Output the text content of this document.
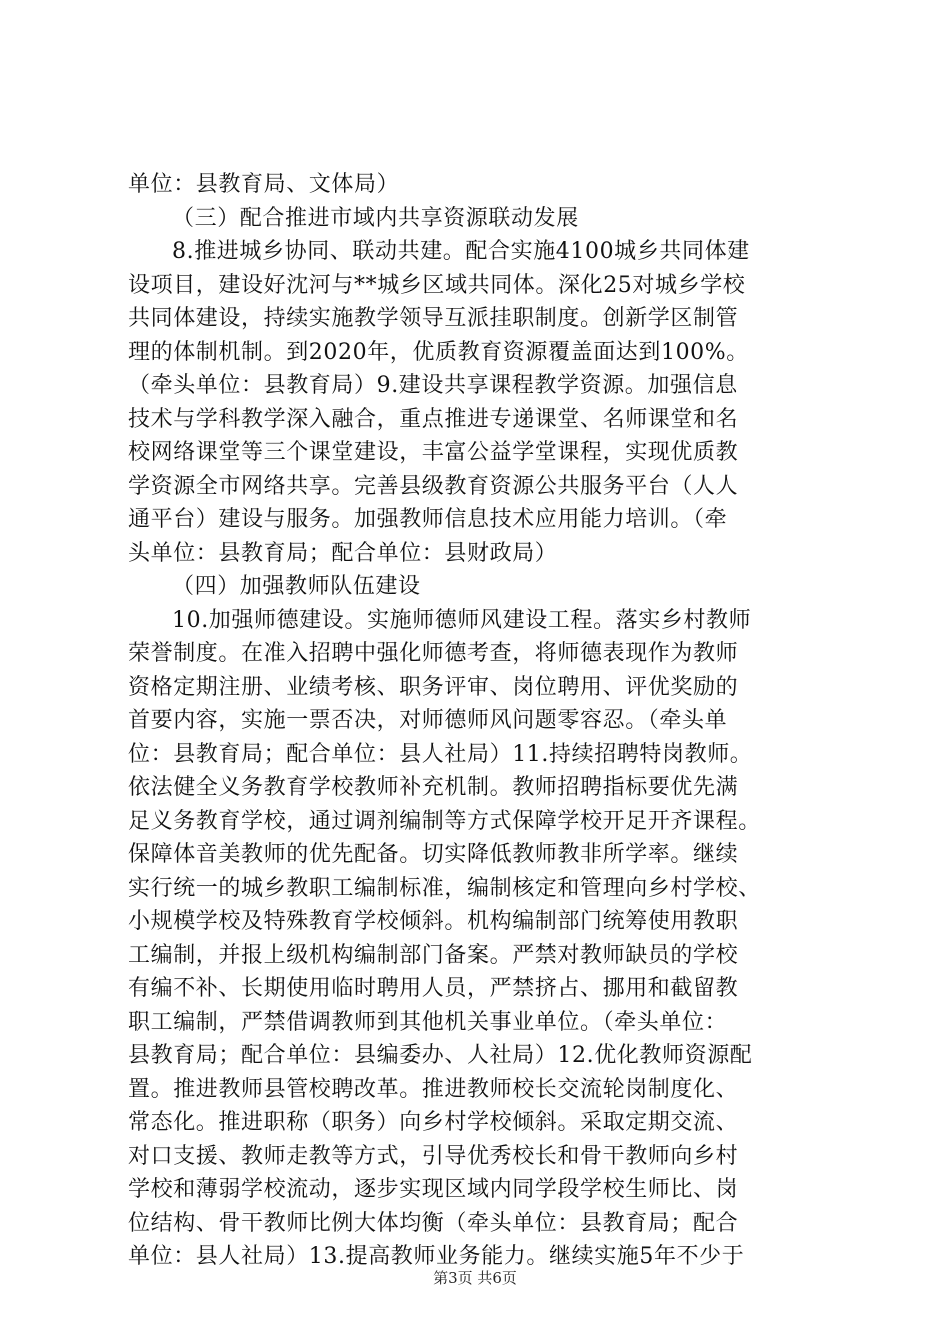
单位：县教育局、文体局）
（三）配合推进市域内共享资源联动发展
8.推进城乡协同、联动共建。配合实施4100城乡共同体建
设项目，建设好沈河与**城乡区域共同体。深化25对城乡学校
共同体建设，持续实施教学领导互派挂职制度。创新学区制管
理的体制机制。到2020年，优质教育资源覆盖面达到100%。
（牵头单位：县教育局）9.建设共享课程教学资源。加强信息
技术与学科教学深入融合，重点推进专递课堂、名师课堂和名
校网络课堂等三个课堂建设，丰富公益学堂课程，实现优质教
学资源全市网络共享。完善县级教育资源公共服务平台（人人
通平台）建设与服务。加强教师信息技术应用能力培训。（牵
头单位：县教育局；配合单位：县财政局）
（四）加强教师队伍建设
10.加强师德建设。实施师德师风建设工程。落实乡村教师
荣誉制度。在准入招聘中强化师德考查，将师德表现作为教师
资格定期注册、业绩考核、职务评审、岗位聘用、评优奖励的
首要内容，实施一票否决，对师德师风问题零容忍。（牵头单
位：县教育局；配合单位：县人社局）11.持续招聘特岗教师。
依法健全义务教育学校教师补充机制。教师招聘指标要优先满
足义务教育学校，通过调剂编制等方式保障学校开足开齐课程。
保障体音美教师的优先配备。切实降低教师教非所学率。继续
实行统一的城乡教职工编制标准，编制核定和管理向乡村学校、
小规模学校及特殊教育学校倾斜。机构编制部门统筹使用教职
工编制，并报上级机构编制部门备案。严禁对教师缺员的学校
有编不补、长期使用临时聘用人员，严禁挤占、挪用和截留教
职工编制，严禁借调教师到其他机关事业单位。（牵头单位：
县教育局；配合单位：县编委办、人社局）12.优化教师资源配
置。推进教师县管校聘改革。推进教师校长交流轮岗制度化、
常态化。推进职称（职务）向乡村学校倾斜。采取定期交流、
对口支援、教师走教等方式，引导优秀校长和骨干教师向乡村
学校和薄弱学校流动，逐步实现区域内同学段学校生师比、岗
位结构、骨干教师比例大体均衡（牵头单位：县教育局；配合
单位：县人社局）13.提高教师业务能力。继续实施5年不少于
第3页 共6页
